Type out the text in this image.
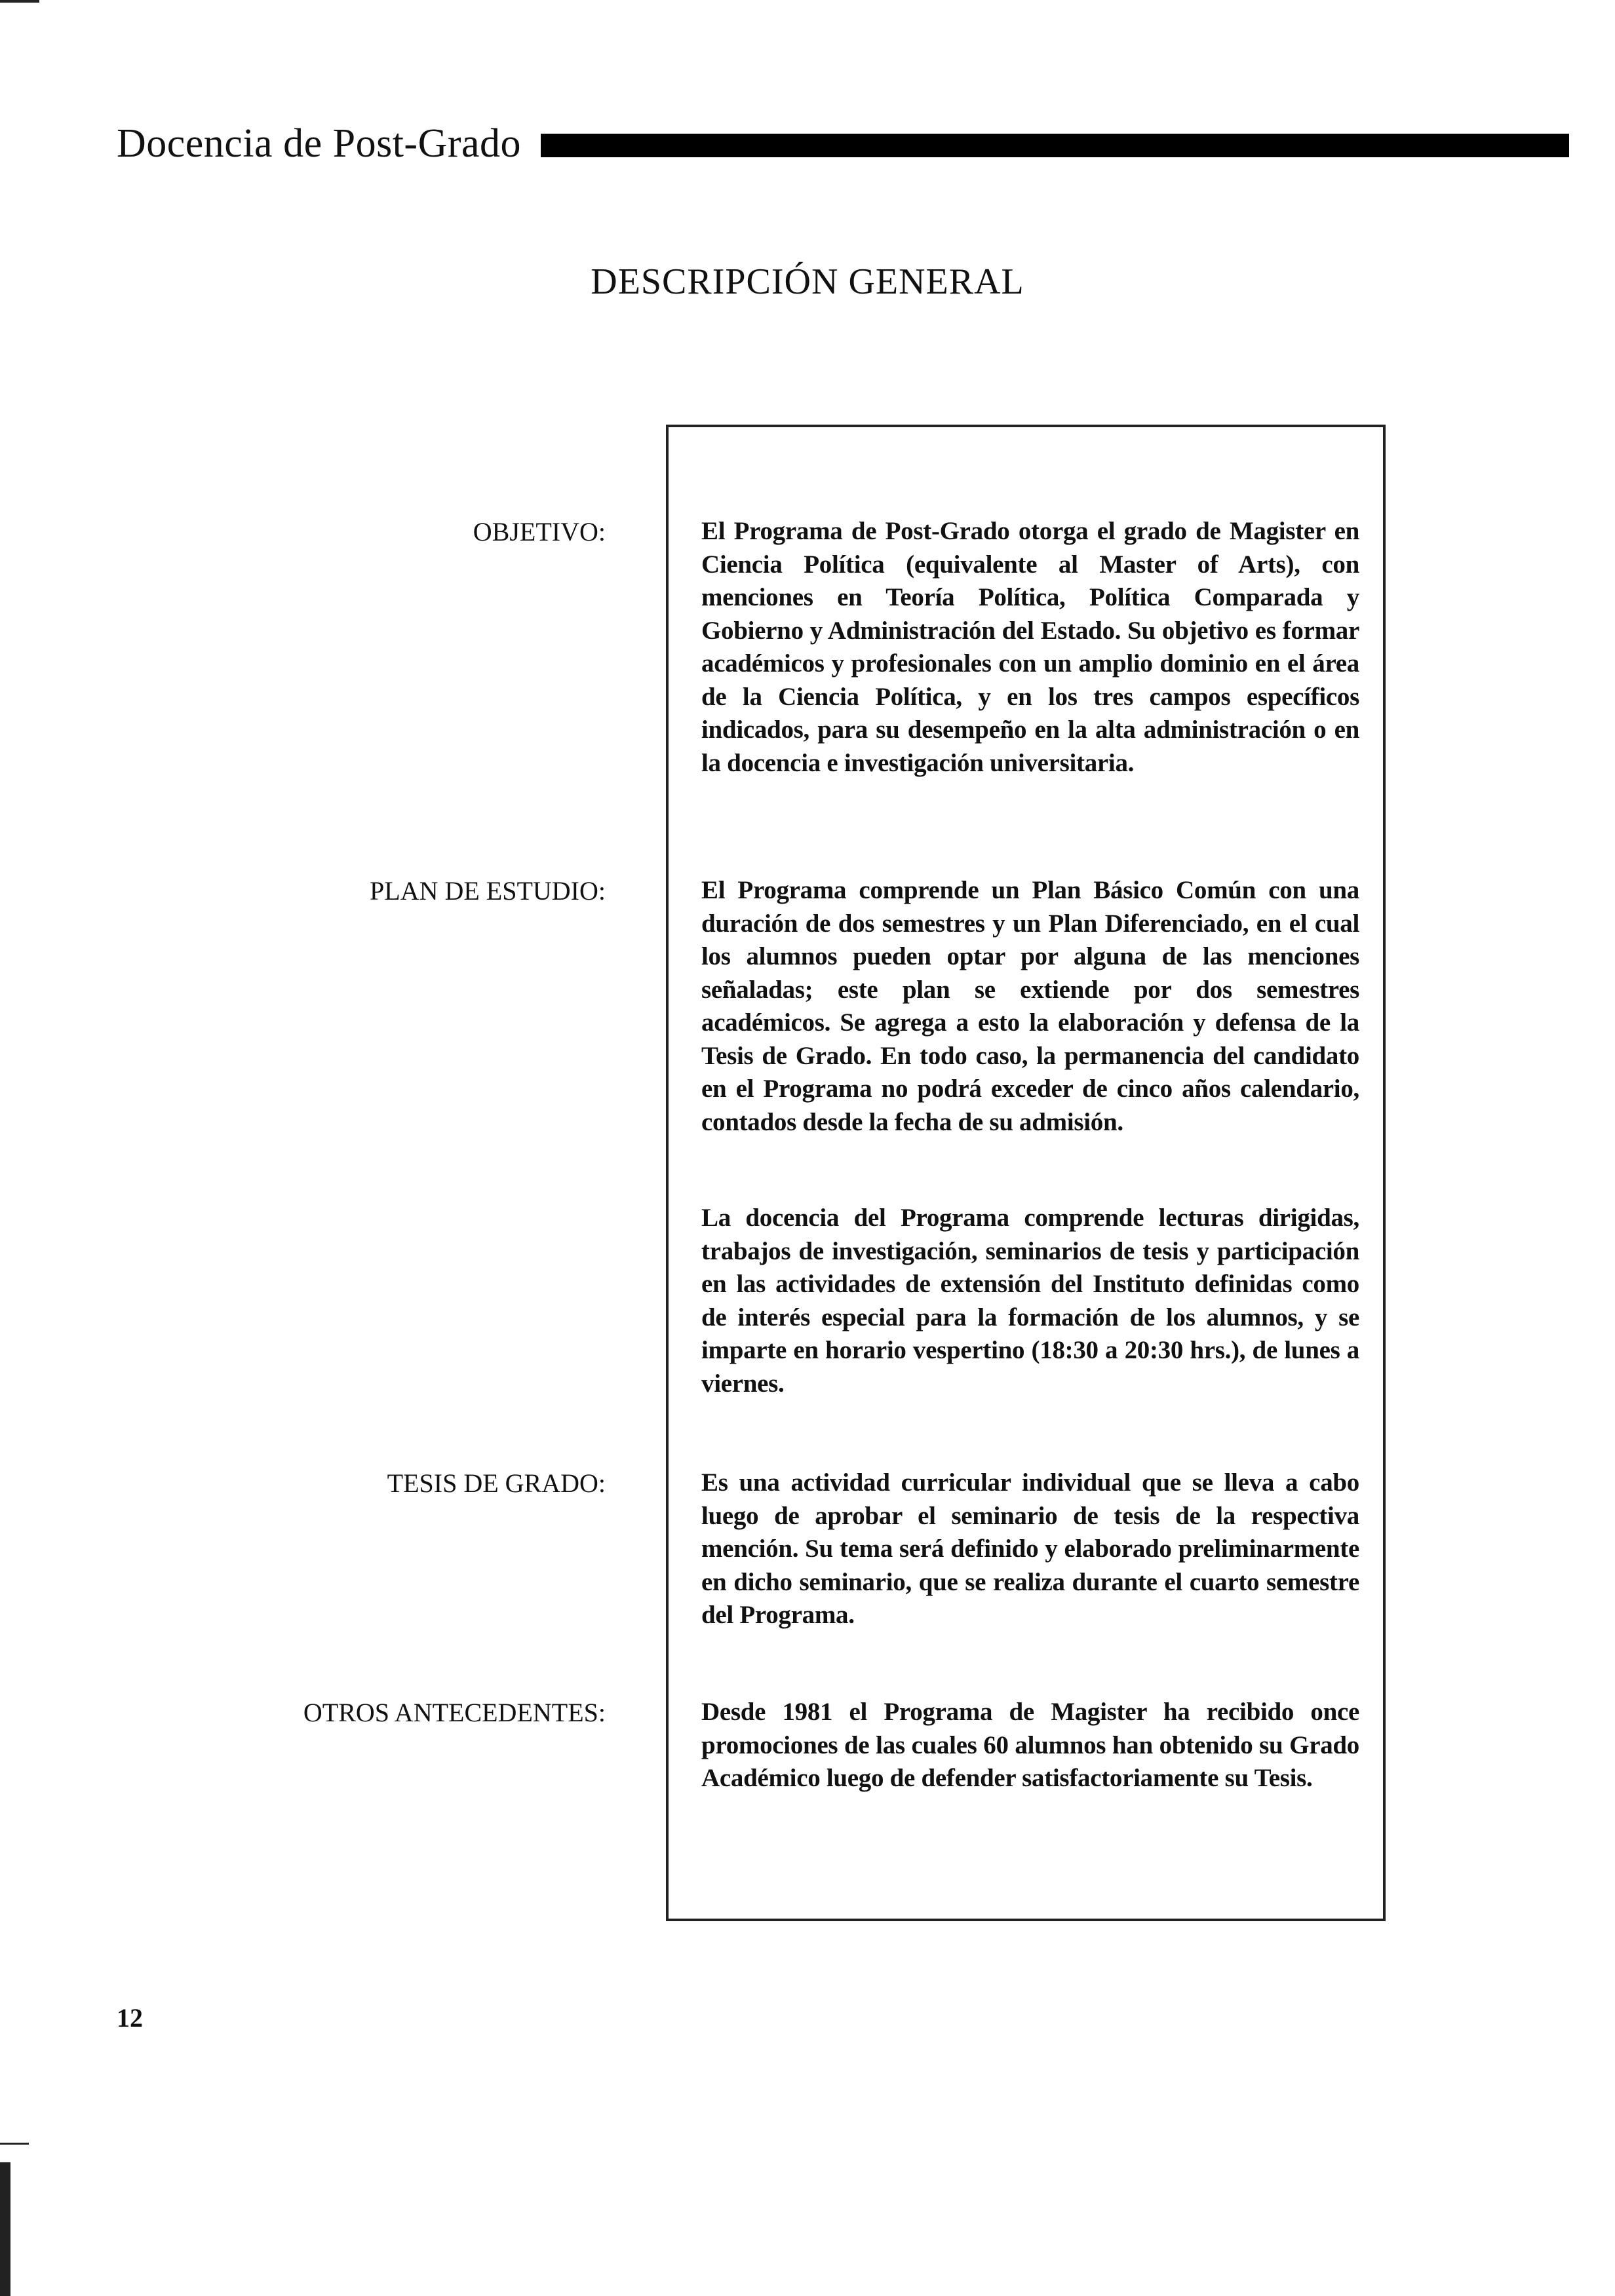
Docencia de Post-Grado
DESCRIPCIÓN GENERAL
OBJETIVO:	El Programa de Post-Grado otorga el grado de Magister en Ciencia Política (equivalente al Master of Arts), con menciones en Teoría Política, Política Comparada y Gobierno y Administración del Estado. Su objetivo es formar académicos y profesionales con un amplio dominio en el área de la Ciencia Política, y en los tres campos específicos indicados, para su desempeño en la alta administración o en la docencia e investigación universitaria.
PLAN DE ESTUDIO:	El Programa comprende un Plan Básico Común con una duración de dos semestres y un Plan Diferenciado, en el cual los alumnos pueden optar por alguna de las menciones señaladas; este plan se extiende por dos semestres académicos. Se agrega a esto la elaboración y defensa de la Tesis de Grado. En todo caso, la permanencia del candidato en el Programa no podrá exceder de cinco años calendario, contados desde la fecha de su admisión.
La docencia del Programa comprende lecturas dirigidas, trabajos de investigación, seminarios de tesis y participación en las actividades de extensión del Instituto definidas como de interés especial para la formación de los alumnos, y se imparte en horario vespertino (18:30 a 20:30 hrs.), de lunes a viernes.
TESIS DE GRADO:	Es una actividad curricular individual que se lleva a cabo luego de aprobar el seminario de tesis de la respectiva mención. Su tema será definido y elaborado preliminarmente en dicho seminario, que se realiza durante el cuarto semestre del Programa.
OTROS ANTECEDENTES:	Desde 1981 el Programa de Magister ha recibido once promociones de las cuales 60 alumnos han obtenido su Grado Académico luego de defender satisfactoriamente su Tesis.
12
